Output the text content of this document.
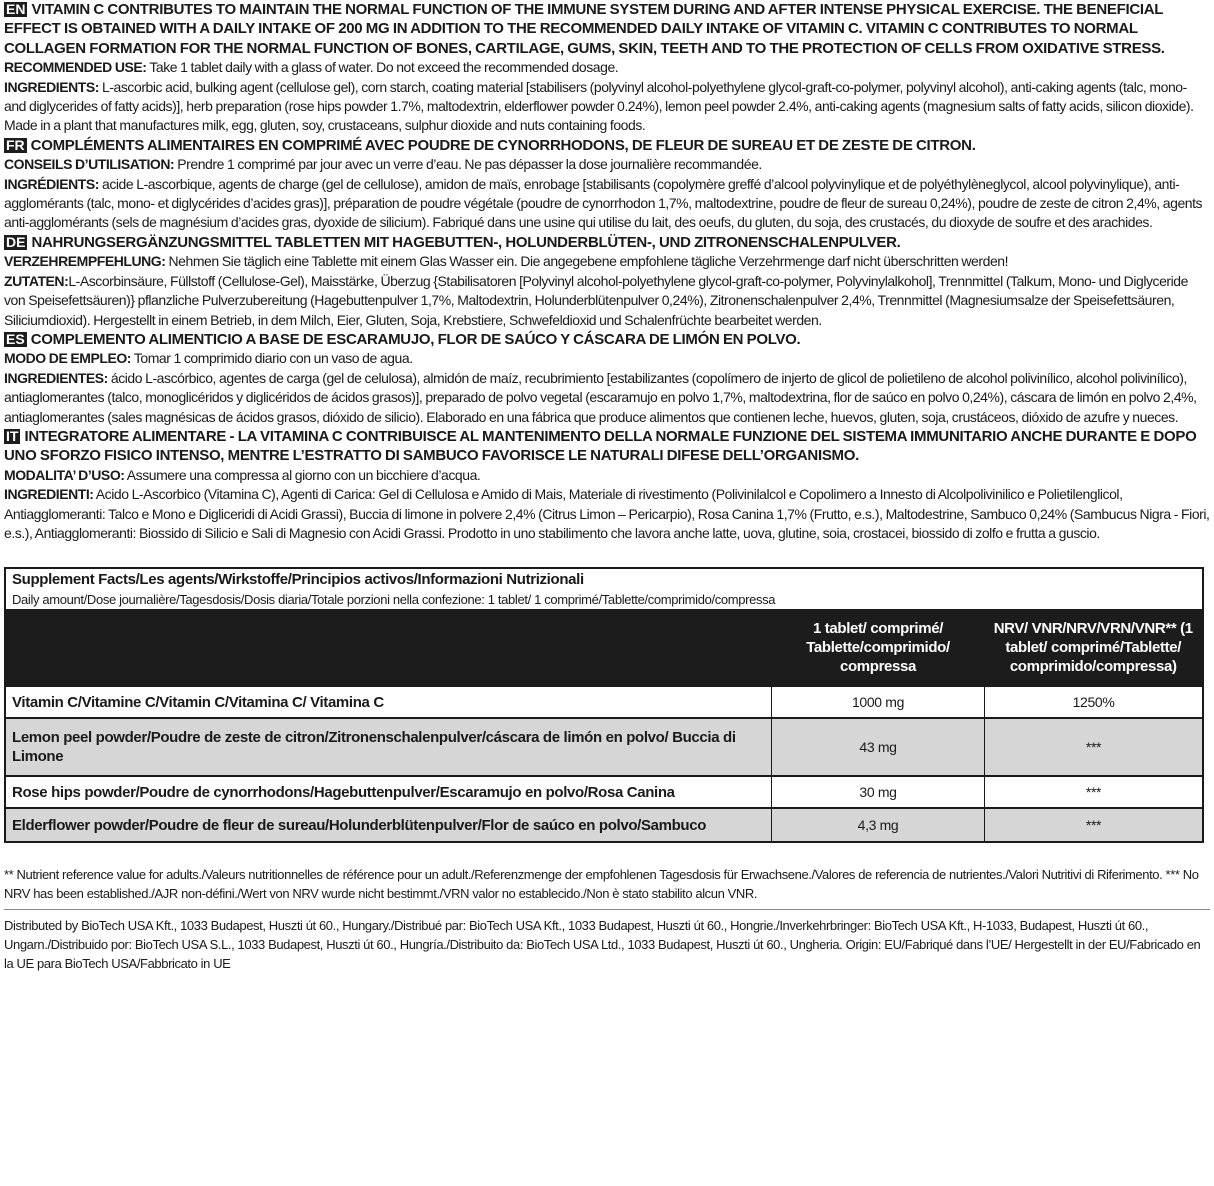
EN VITAMIN C CONTRIBUTES TO MAINTAIN THE NORMAL FUNCTION OF THE IMMUNE SYSTEM DURING AND AFTER INTENSE PHYSICAL EXERCISE. THE BENEFICIAL EFFECT IS OBTAINED WITH A DAILY INTAKE OF 200 MG IN ADDITION TO THE RECOMMENDED DAILY INTAKE OF VITAMIN C. VITAMIN C CONTRIBUTES TO NORMAL COLLAGEN FORMATION FOR THE NORMAL FUNCTION OF BONES, CARTILAGE, GUMS, SKIN, TEETH AND TO THE PROTECTION OF CELLS FROM OXIDATIVE STRESS.

RECOMMENDED USE: Take 1 tablet daily with a glass of water. Do not exceed the recommended dosage.

INGREDIENTS: L-ascorbic acid, bulking agent (cellulose gel), corn starch, coating material [stabilisers (polyvinyl alcohol-polyethylene glycol-graft-co-polymer, polyvinyl alcohol), anti-caking agents (talc, mono- and diglycerides of fatty acids)], herb preparation (rose hips powder 1.7%, maltodextrin, elderflower powder 0.24%), lemon peel powder 2.4%, anti-caking agents (magnesium salts of fatty acids, silicon dioxide). Made in a plant that manufactures milk, egg, gluten, soy, crustaceans, sulphur dioxide and nuts containing foods.

FR COMPLÉMENTS ALIMENTAIRES EN COMPRIMÉ AVEC POUDRE DE CYNORRHODONS, DE FLEUR DE SUREAU ET DE ZESTE DE CITRON.

CONSEILS D’UTILISATION: Prendre 1 comprimé par jour avec un verre d’eau. Ne pas dépasser la dose journalière recommandée.

INGRÉDIENTS: acide L-ascorbique, agents de charge (gel de cellulose), amidon de maïs, enrobage [stabilisants (copolymère greffé d’alcool polyvinylique et de polyéthylèneglycol, alcool polyvinylique), anti-agglomérants (talc, mono- et diglycérides d’acides gras)], préparation de poudre végétale (poudre de cynorrhodon 1,7%, maltodextrine, poudre de fleur de sureau 0,24%), poudre de zeste de citron 2,4%, agents anti-agglomérants (sels de magnésium d’acides gras, dyoxide de silicium). Fabriqué dans une usine qui utilise du lait, des oeufs, du gluten, du soja, des crustacés, du dioxyde de soufre et des arachides.

DE NAHRUNGSERGÄNZUNGSMITTEL TABLETTEN MIT HAGEBUTTEN-, HOLUNDERBLÜTEN-, UND ZITRONENSCHALENPULVER.

VERZEHREMPFEHLUNG: Nehmen Sie täglich eine Tablette mit einem Glas Wasser ein. Die angegebene empfohlene tägliche Verzehrmenge darf nicht überschritten werden!

ZUTATEN:L-Ascorbinsäure, Füllstoff (Cellulose-Gel), Maisstärke, Überzug {Stabilisatoren [Polyvinyl alcohol-polyethylene glycol-graft-co-polymer, Polyvinylalkohol], Trennmittel (Talkum, Mono- und Diglyceride von Speisefettsäuren)} pflanzliche Pulverzubereitung (Hagebuttenpulver 1,7%, Maltodextrin, Holunderblütenpulver 0,24%), Zitronenschalenpulver 2,4%, Trennmittel (Magnesiumsalze der Speisefettsäuren, Siliciumdioxid). Hergestellt in einem Betrieb, in dem Milch, Eier, Gluten, Soja, Krebstiere, Schwefeldioxid und Schalenfrüchte bearbeitet werden.

ES COMPLEMENTO ALIMENTICIO A BASE DE ESCARAMUJO, FLOR DE SAÚCO Y CÁSCARA DE LIMÓN EN POLVO.

MODO DE EMPLEO: Tomar 1 comprimido diario con un vaso de agua.

INGREDIENTES: ácido L-ascórbico, agentes de carga (gel de celulosa), almidón de maíz, recubrimiento [estabilizantes (copolímero de injerto de glicol de polietileno de alcohol polivinílico, alcohol polivinílico), antiaglomerantes (talco, monoglicéridos y diglicéridos de ácidos grasos)], preparado de polvo vegetal (escaramujo en polvo 1,7%, maltodextrina, flor de saúco en polvo 0,24%), cáscara de limón en polvo 2,4%, antiaglomerantes (sales magnésicas de ácidos grasos, dióxido de silicio). Elaborado en una fábrica que produce alimentos que contienen leche, huevos, gluten, soja, crustáceos, dióxido de azufre y nueces.

IT INTEGRATORE ALIMENTARE - LA VITAMINA C CONTRIBUISCE AL MANTENIMENTO DELLA NORMALE FUNZIONE DEL SISTEMA IMMUNITARIO ANCHE DURANTE E DOPO UNO SFORZO FISICO INTENSO, MENTRE L’ESTRATTO DI SAMBUCO FAVORISCE LE NATURALI DIFESE DELL’ORGANISMO.

MODALITA’ D’USO: Assumere una compressa al giorno con un bicchiere d’acqua.

INGREDIENTI: Acido L-Ascorbico (Vitamina C), Agenti di Carica: Gel di Cellulosa e Amido di Mais, Materiale di rivestimento (Polivinilalcol e Copolimero a Innesto di Alcolpolivinilico e Polietilenglicol, Antiagglomeranti: Talco e Mono e Digliceridi di Acidi Grassi), Buccia di limone in polvere 2,4% (Citrus Limon – Pericarpio), Rosa Canina 1,7% (Frutto, e.s.), Maltodestrine, Sambuco 0,24% (Sambucus Nigra - Fiori, e.s.), Antiagglomeranti: Biossido di Silicio e Sali di Magnesio con Acidi Grassi. Prodotto in uno stabilimento che lavora anche latte, uova, glutine, soia, crostacei, biossido di zolfo e frutta a guscio.

Supplement Facts/Les agents/Wirkstoffe/Principios activos/Informazioni Nutrizionali		
Daily amount/Dose journalière/Tagesdosis/Dosis diaria/Totale porzioni nella confezione: 1 tablet/ 1 comprimé/Tablette/comprimido/compressa		
	1 tablet/ comprimé/ Tablette/comprimido/ compressa	NRV/ VNR/NRV/VRN/VNR** (1 tablet/ comprimé/Tablette/ comprimido/compressa)
Vitamin C/Vitamine C/Vitamin C/Vitamina C/ Vitamina C	1000 mg	1250%
Lemon peel powder/Poudre de zeste de citron/Zitronenschalenpulver/cáscara de limón en polvo/ Buccia di Limone	43 mg	***
Rose hips powder/Poudre de cynorrhodons/Hagebuttenpulver/Escaramujo en polvo/Rosa Canina	30 mg	***
Elderflower powder/Poudre de fleur de sureau/Holunderblütenpulver/Flor de saúco en polvo/Sambuco	4,3 mg	***
** Nutrient reference value for adults./Valeurs nutritionnelles de référence pour un adult./Referenzmenge der empfohlenen Tagesdosis für Erwachsene./Valores de referencia de nutrientes./Valori Nutritivi di Riferimento. *** No NRV has been established./AJR non-défini./Wert von NRV wurde nicht bestimmt./VRN valor no establecido./Non è stato stabilito alcun VNR.
Distributed by BioTech USA Kft., 1033 Budapest, Huszti út 60., Hungary./Distribué par: BioTech USA Kft., 1033 Budapest, Huszti út 60., Hongrie./Inverkehrbringer: BioTech USA Kft., H-1033, Budapest, Huszti út 60., Ungarn./Distribuido por: BioTech USA S.L., 1033 Budapest, Huszti út 60., Hungría./Distribuito da: BioTech USA Ltd., 1033 Budapest, Huszti út 60., Ungheria. Origin: EU/Fabriqué dans l’UE/ Hergestellt in der EU/Fabricado en la UE para BioTech USA/Fabbricato in UE
